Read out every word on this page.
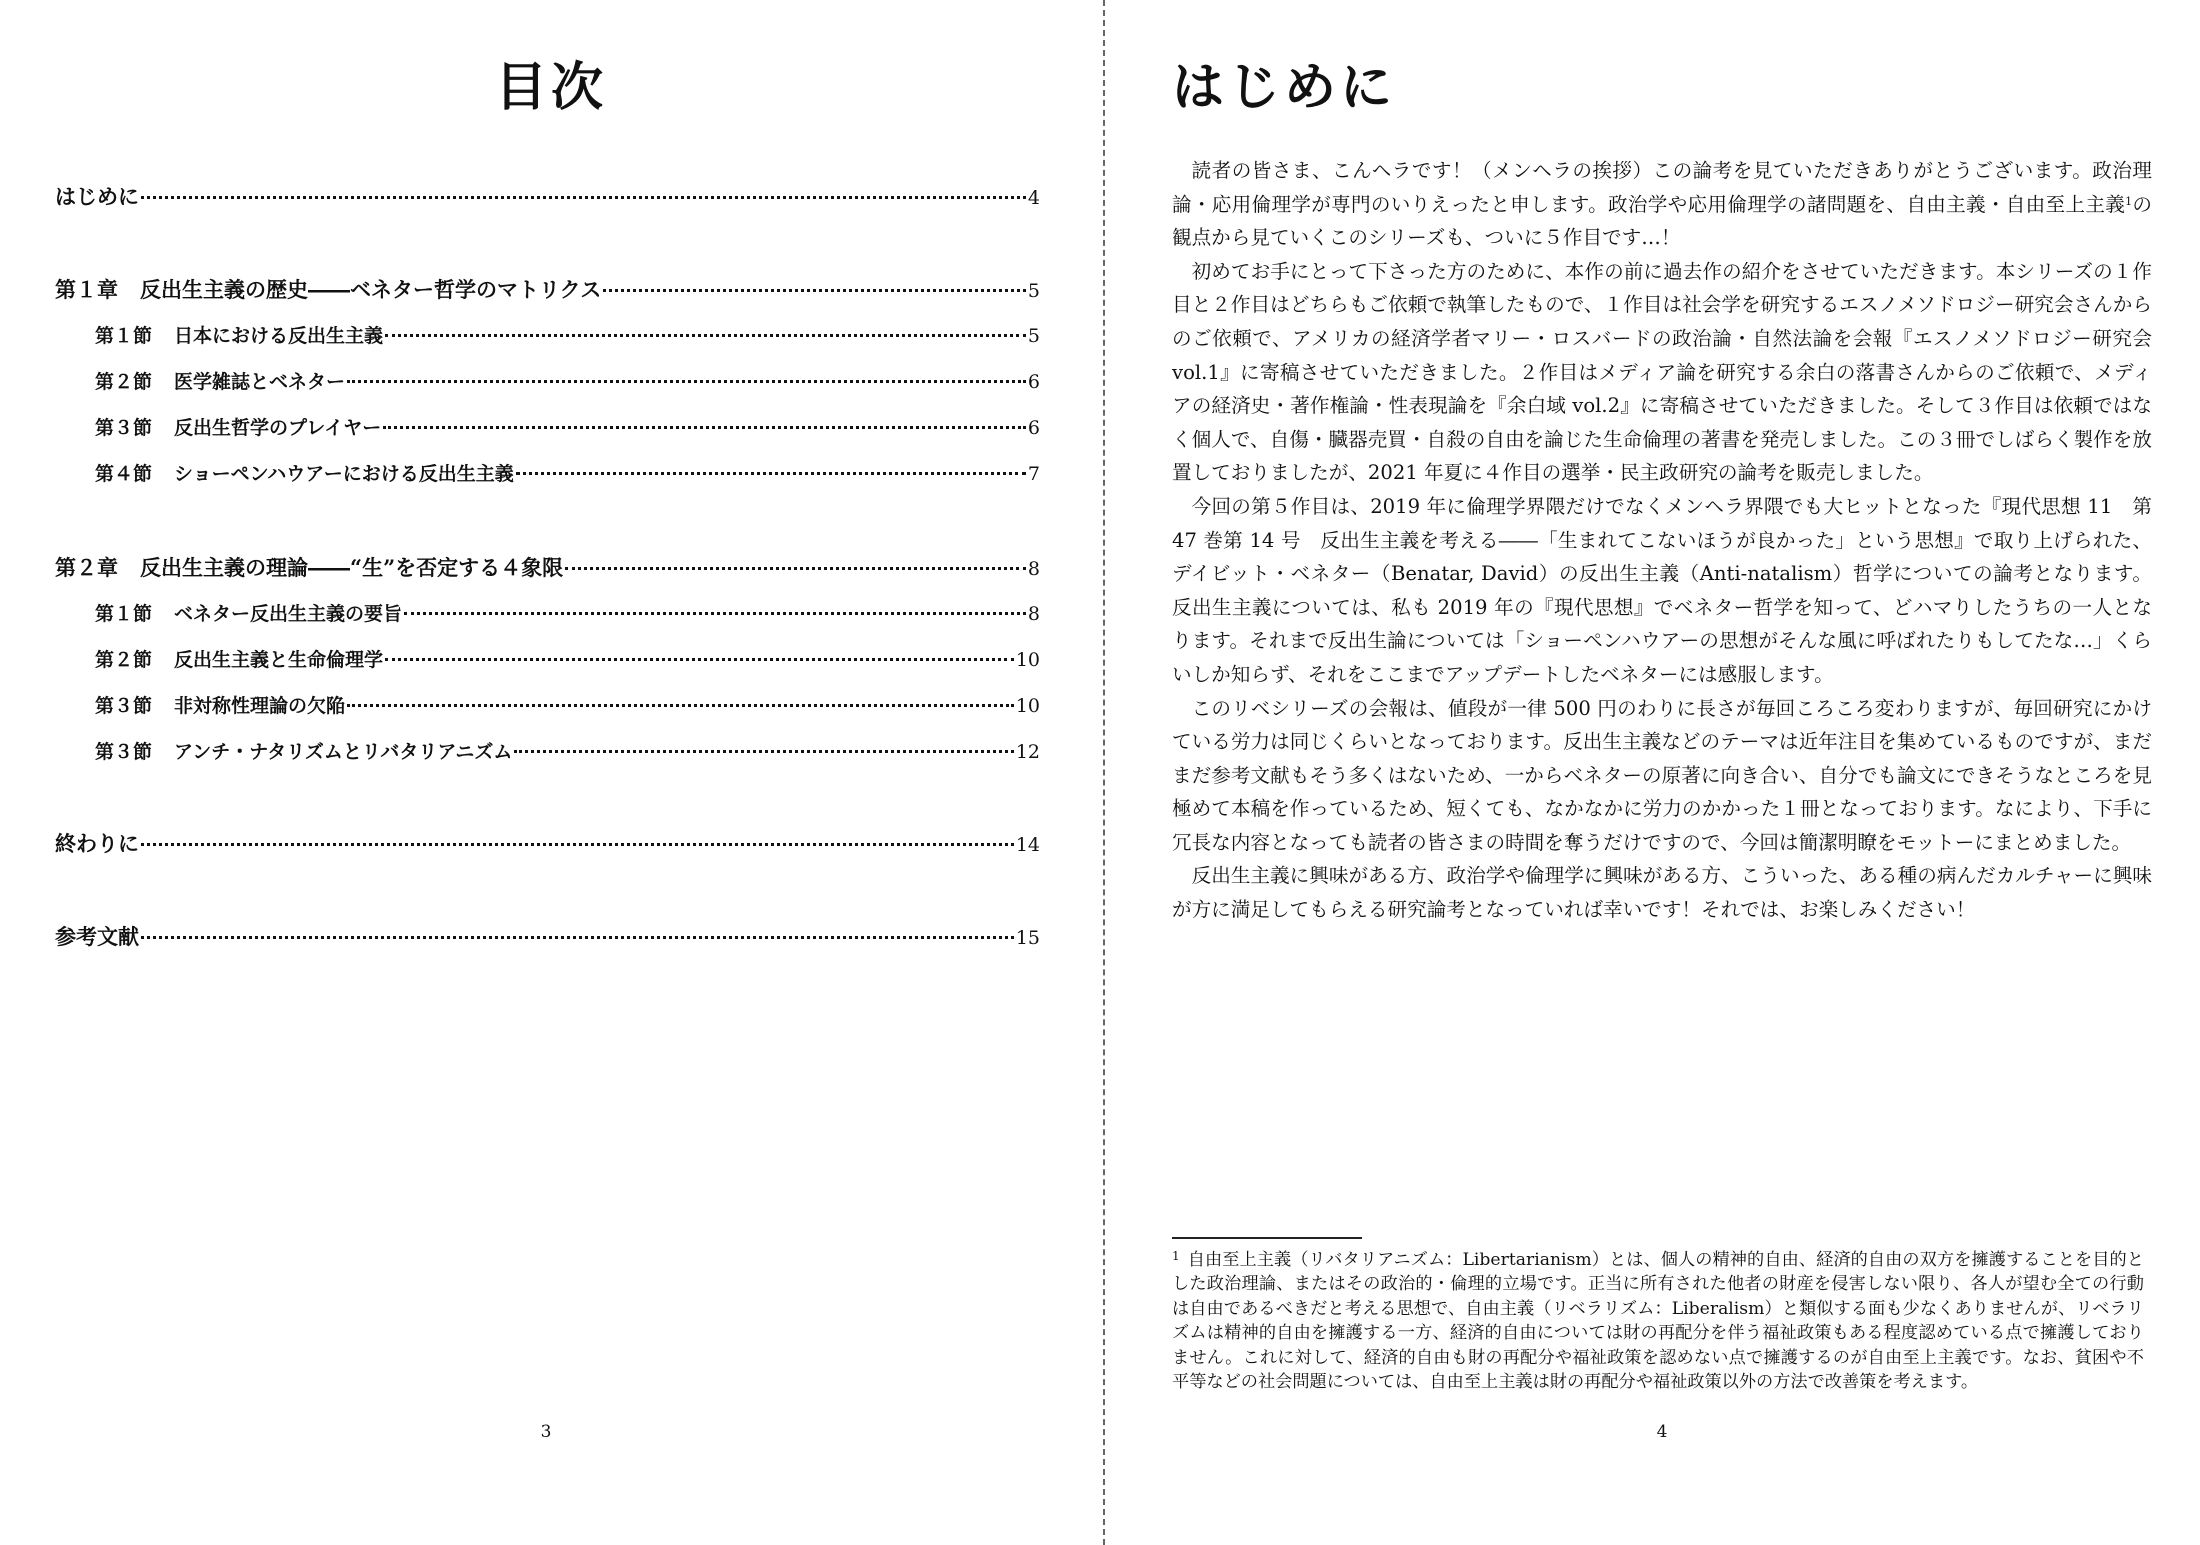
目次
はじめに	4
第１章 反出生主義の歴史――ベネター哲学のマトリクス	5
第１節 日本における反出生主義	5
第２節 医学雑誌とベネター	6
第３節 反出生哲学のプレイヤー	6
第４節 ショーペンハウアーにおける反出生主義	7
第２章 反出生主義の理論――“生”を否定する４象限	8
第１節 ベネター反出生主義の要旨	8
第２節 反出生主義と生命倫理学	10
第３節 非対称性理論の欠陥	10
第３節 アンチ・ナタリズムとリバタリアニズム	12
終わりに	14
参考文献	15
3
はじめに

読者の皆さま、こんヘラです！（メンヘラの挨拶）この論考を見ていただきありがとうございます。政治理論・応用倫理学が専門のいりえったと申します。政治学や応用倫理学の諸問題を、自由主義・自由至上主義$^1$の観点から見ていくこのシリーズも、ついに５作目です…！

初めてお手にとって下さった方のために、本作の前に過去作の紹介をさせていただきます。本シリーズの１作目と２作目はどちらもご依頼で執筆したもので、１作目は社会学を研究するエスノメソドロジー研究会さんからのご依頼で、アメリカの経済学者マリー・ロスバードの政治論・自然法論を会報『エスノメソドロジー研究会 vol.1』に寄稿させていただきました。２作目はメディア論を研究する余白の落書さんからのご依頼で、メディアの経済史・著作権論・性表現論を『余白域 vol.2』に寄稿させていただきました。そして３作目は依頼ではなく個人で、自傷・臓器売買・自殺の自由を論じた生命倫理の著書を発売しました。この３冊でしばらく製作を放置しておりましたが、2021 年夏に４作目の選挙・民主政研究の論考を販売しました。

今回の第５作目は、2019 年に倫理学界隈だけでなくメンヘラ界隈でも大ヒットとなった『現代思想 11　第 47 巻第 14 号　反出生主義を考える――「生まれてこないほうが良かった」という思想』で取り上げられた、デイビット・ベネター（Benatar, David）の反出生主義（Anti-natalism）哲学についての論考となります。反出生主義については、私も 2019 年の『現代思想』でベネター哲学を知って、どハマりしたうちの一人となります。それまで反出生論については「ショーペンハウアーの思想がそんな風に呼ばれたりもしてたな…」くらいしか知らず、それをここまでアップデートしたベネターには感服します。

このリベシリーズの会報は、値段が一律 500 円のわりに長さが毎回ころころ変わりますが、毎回研究にかけている労力は同じくらいとなっております。反出生主義などのテーマは近年注目を集めているものですが、まだまだ参考文献もそう多くはないため、一からベネターの原著に向き合い、自分でも論文にできそうなところを見極めて本稿を作っているため、短くても、なかなかに労力のかかった１冊となっております。なにより、下手に冗長な内容となっても読者の皆さまの時間を奪うだけですので、今回は簡潔明瞭をモットーにまとめました。

反出生主義に興味がある方、政治学や倫理学に興味がある方、こういった、ある種の病んだカルチャーに興味が方に満足してもらえる研究論考となっていれば幸いです！それでは、お楽しみください！

$^1$ 自由至上主義（リバタリアニズム：Libertarianism）とは、個人の精神的自由、経済的自由の双方を擁護することを目的とした政治理論、またはその政治的・倫理的立場です。正当に所有された他者の財産を侵害しない限り、各人が望む全ての行動は自由であるべきだと考える思想で、自由主義（リベラリズム：Liberalism）と類似する面も少なくありませんが、リベラリズムは精神的自由を擁護する一方、経済的自由については財の再配分を伴う福祉政策もある程度認めている点で擁護しておりません。これに対して、経済的自由も財の再配分や福祉政策を認めない点で擁護するのが自由至上主義です。なお、貧困や不平等などの社会問題については、自由至上主義は財の再配分や福祉政策以外の方法で改善策を考えます。
4
